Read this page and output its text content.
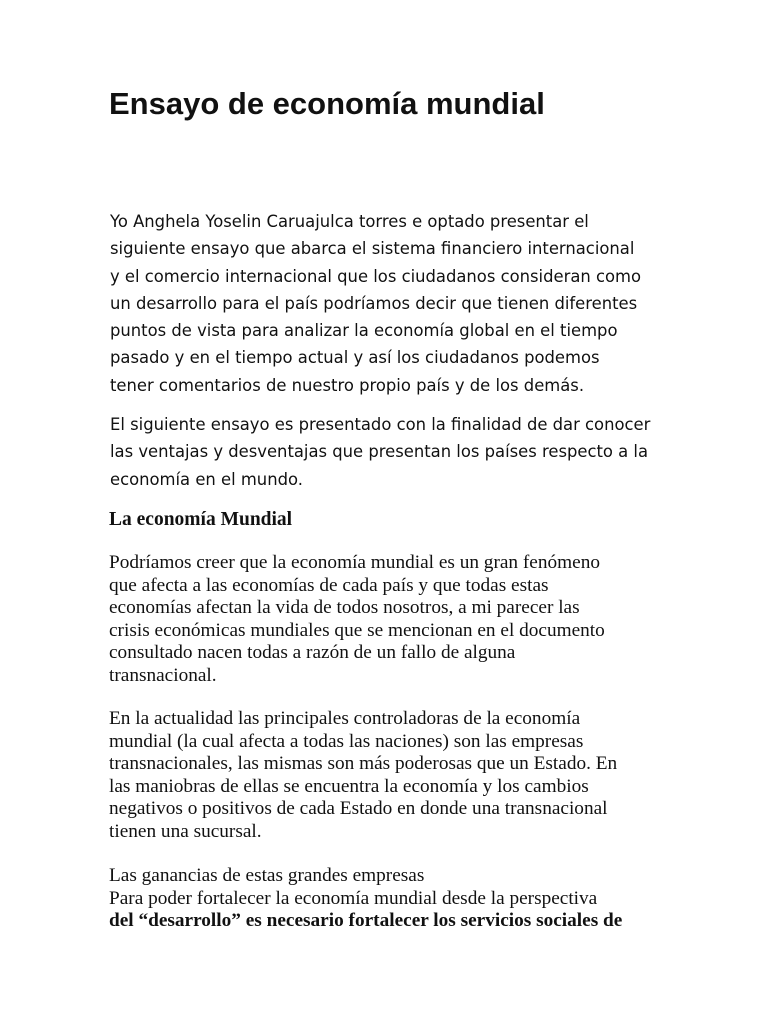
Ensayo de economía mundial

Yo Anghela Yoselin Caruajulca torres e optado presentar el
siguiente ensayo que abarca el sistema financiero internacional
y el comercio internacional que los ciudadanos consideran como
un desarrollo para el país podríamos decir que tienen diferentes
puntos de vista para analizar la economía global en el tiempo
pasado y en el tiempo actual y así los ciudadanos podemos
tener comentarios de nuestro propio país y de los demás.

El siguiente ensayo es presentado con la finalidad de dar conocer
las ventajas y desventajas que presentan los países respecto a la
economía en el mundo.

La economía Mundial

Podríamos creer que la economía mundial es un gran fenómeno
que afecta a las economías de cada país y que todas estas
economías afectan la vida de todos nosotros, a mi parecer las
crisis económicas mundiales que se mencionan en el documento
consultado nacen todas a razón de un fallo de alguna
transnacional.

En la actualidad las principales controladoras de la economía
mundial (la cual afecta a todas las naciones) son las empresas
transnacionales, las mismas son más poderosas que un Estado. En
las maniobras de ellas se encuentra la economía y los cambios
negativos o positivos de cada Estado en donde una transnacional
tienen una sucursal.

Las ganancias de estas grandes empresas
Para poder fortalecer la economía mundial desde la perspectiva
del “desarrollo” es necesario fortalecer los servicios sociales de
